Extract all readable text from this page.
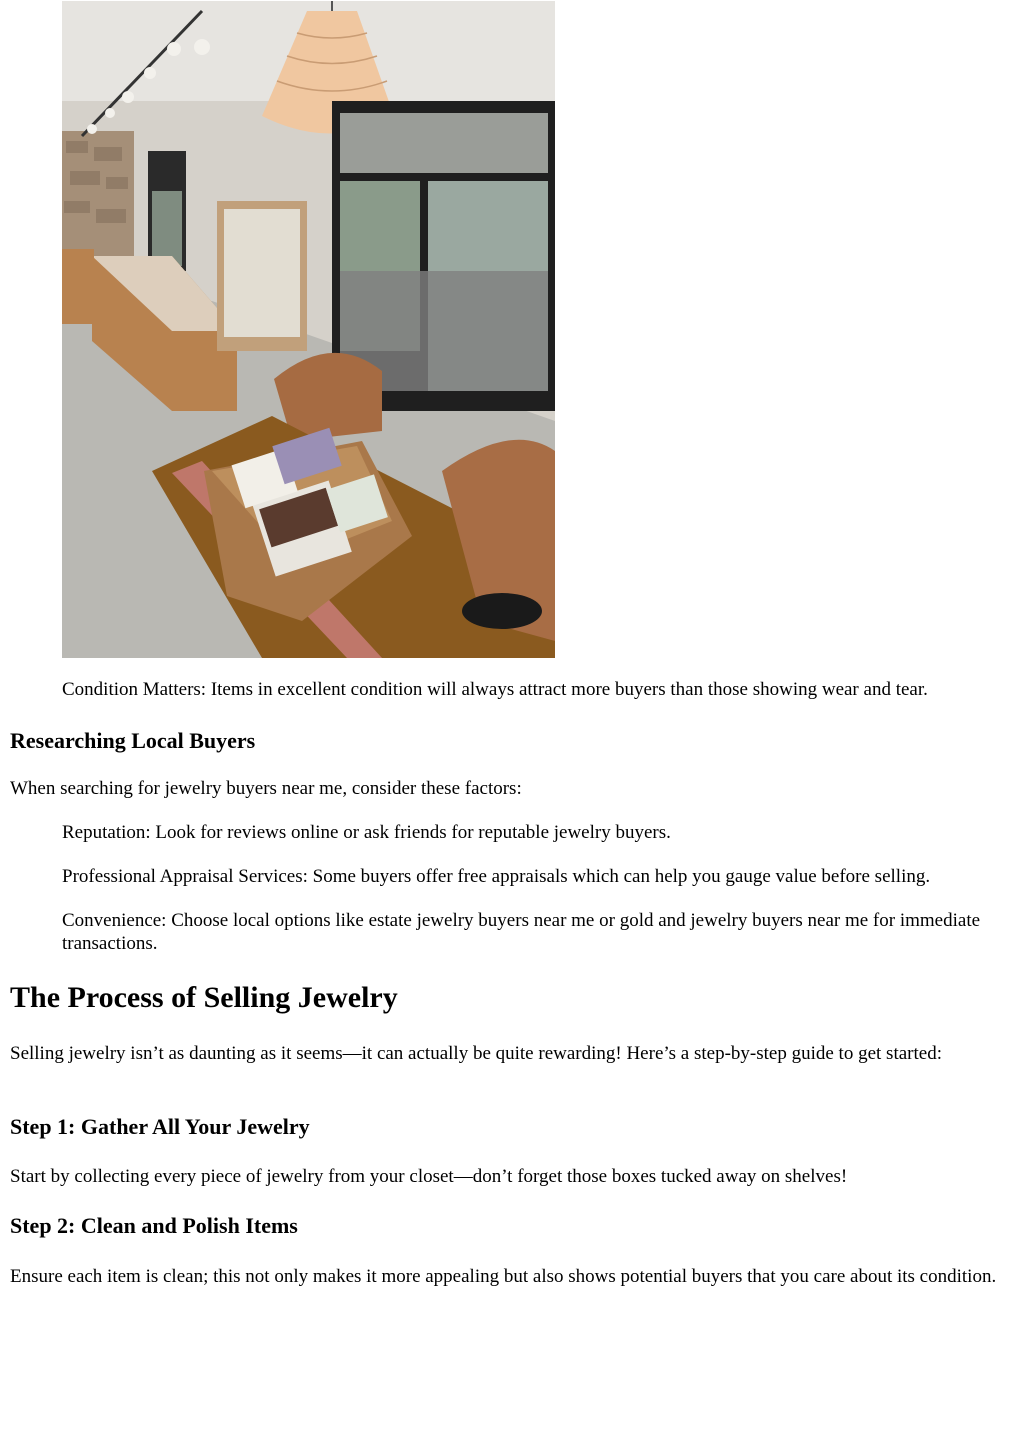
Condition Matters: Items in excellent condition will always attract more buyers than those showing wear and tear.

Researching Local Buyers

When searching for jewelry buyers near me, consider these factors:

Reputation: Look for reviews online or ask friends for reputable jewelry buyers.

Professional Appraisal Services: Some buyers offer free appraisals which can help you gauge value before selling.

Convenience: Choose local options like estate jewelry buyers near me or gold and jewelry buyers near me for immediate transactions.

The Process of Selling Jewelry

Selling jewelry isn’t as daunting as it seems—it can actually be quite rewarding! Here’s a step-by-step guide to get started:

Step 1: Gather All Your Jewelry

Start by collecting every piece of jewelry from your closet—don’t forget those boxes tucked away on shelves!

Step 2: Clean and Polish Items

Ensure each item is clean; this not only makes it more appealing but also shows potential buyers that you care about its condition.
